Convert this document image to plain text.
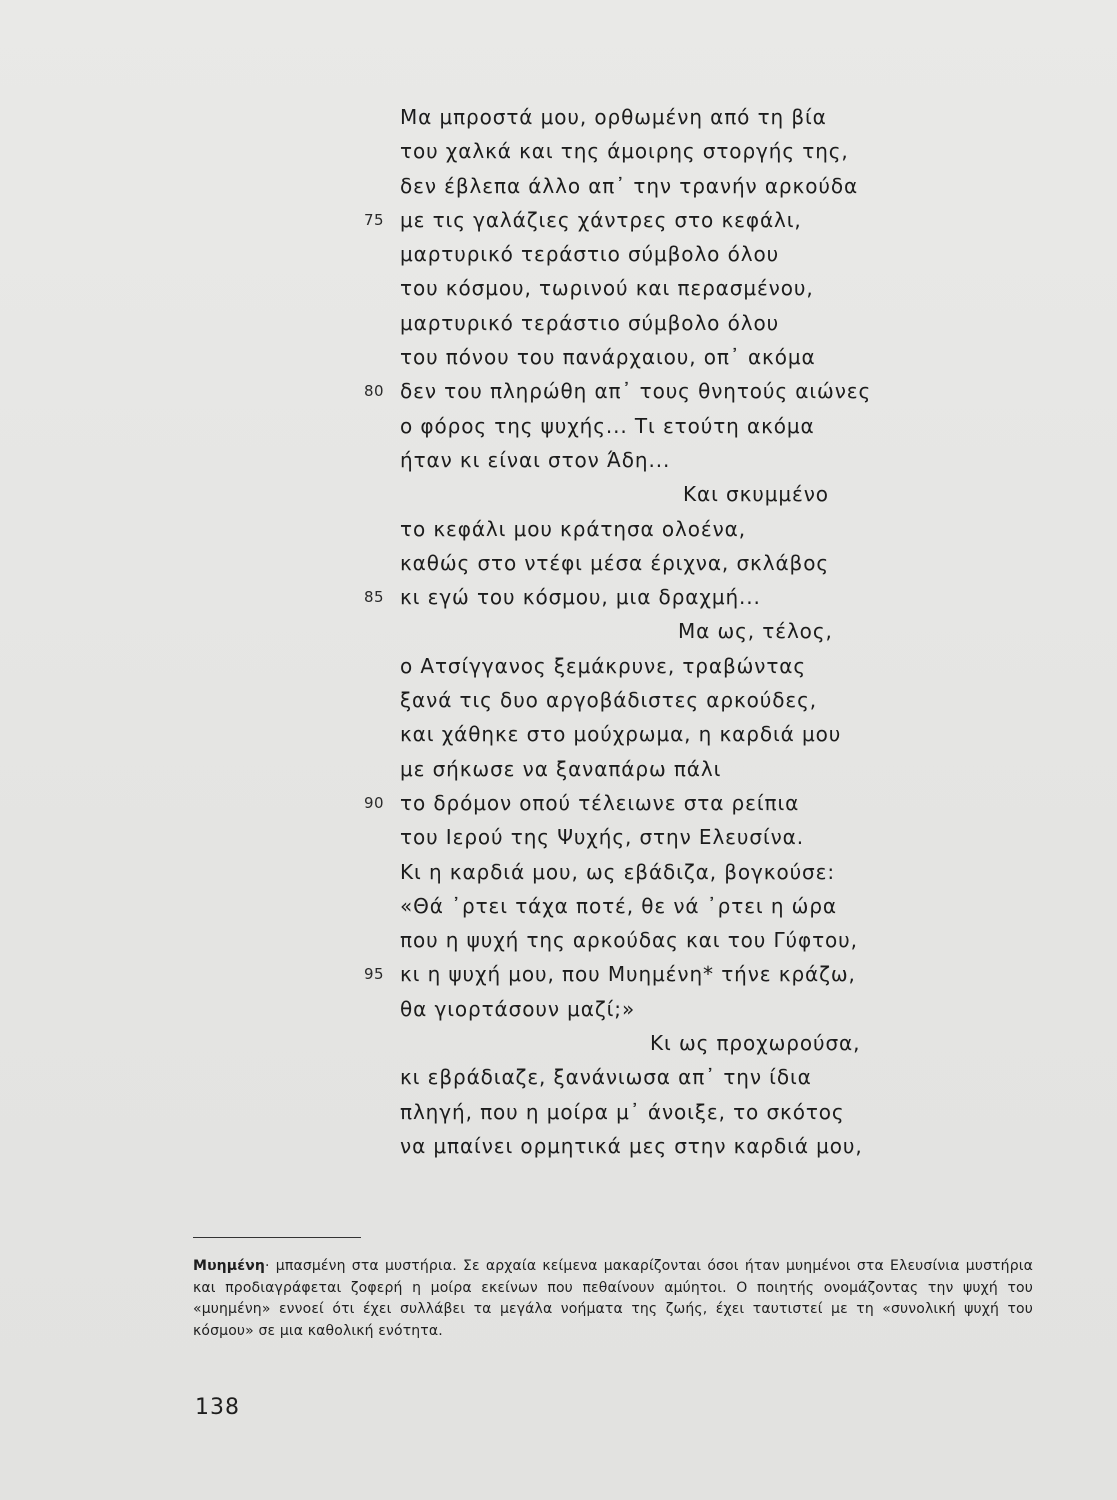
Μα μπροστά μου, ορθωμένη από τη βία
του χαλκά και της άμοιρης στοργής της,
δεν έβλεπα άλλο απ᾽ την τρανήν αρκούδα
75 με τις γαλάζιες χάντρες στο κεφάλι,
μαρτυρικό τεράστιο σύμβολο όλου
του κόσμου, τωρινού και περασμένου,
μαρτυρικό τεράστιο σύμβολο όλου
του πόνου του πανάρχαιου, οπ᾽ ακόμα
80 δεν του πληρώθη απ᾽ τους θνητούς αιώνες
ο φόρος της ψυχής... Τι ετούτη ακόμα
ήταν κι είναι στον Άδη...
Και σκυμμένο
το κεφάλι μου κράτησα ολοένα,
καθώς στο ντέφι μέσα έριχνα, σκλάβος
85 κι εγώ του κόσμου, μια δραχμή...
Μα ως, τέλος,
ο Ατσίγγανος ξεμάκρυνε, τραβώντας
ξανά τις δυο αργοβάδιστες αρκούδες,
και χάθηκε στο μούχρωμα, η καρδιά μου
με σήκωσε να ξαναπάρω πάλι
90 το δρόμον οπού τέλειωνε στα ρείπια
του Ιερού της Ψυχής, στην Ελευσίνα.
Κι η καρδιά μου, ως εβάδιζα, βογκούσε:
«Θά ᾽ρτει τάχα ποτέ, θε νά ᾽ρτει η ώρα
που η ψυχή της αρκούδας και του Γύφτου,
95 κι η ψυχή μου, που Μυημένη* τήνε κράζω,
θα γιορτάσουν μαζί;»
Κι ως προχωρούσα,
κι εβράδιαζε, ξανάνιωσα απ᾽ την ίδια
πληγή, που η μοίρα μ᾽ άνοιξε, το σκότος
να μπαίνει ορμητικά μες στην καρδιά μου,
Μυημένη· μπασμένη στα μυστήρια. Σε αρχαία κείμενα μακαρίζονται όσοι ήταν μυημένοι στα Ελευσίνια μυστήρια και προδιαγράφεται ζοφερή η μοίρα εκείνων που πεθαίνουν αμύητοι. Ο ποιητής ονομάζοντας την ψυχή του «μυημένη» εννοεί ότι έχει συλλάβει τα μεγάλα νοήματα της ζωής, έχει ταυτιστεί με τη «συνολική ψυχή του κόσμου» σε μια καθολική ενότητα.
138
